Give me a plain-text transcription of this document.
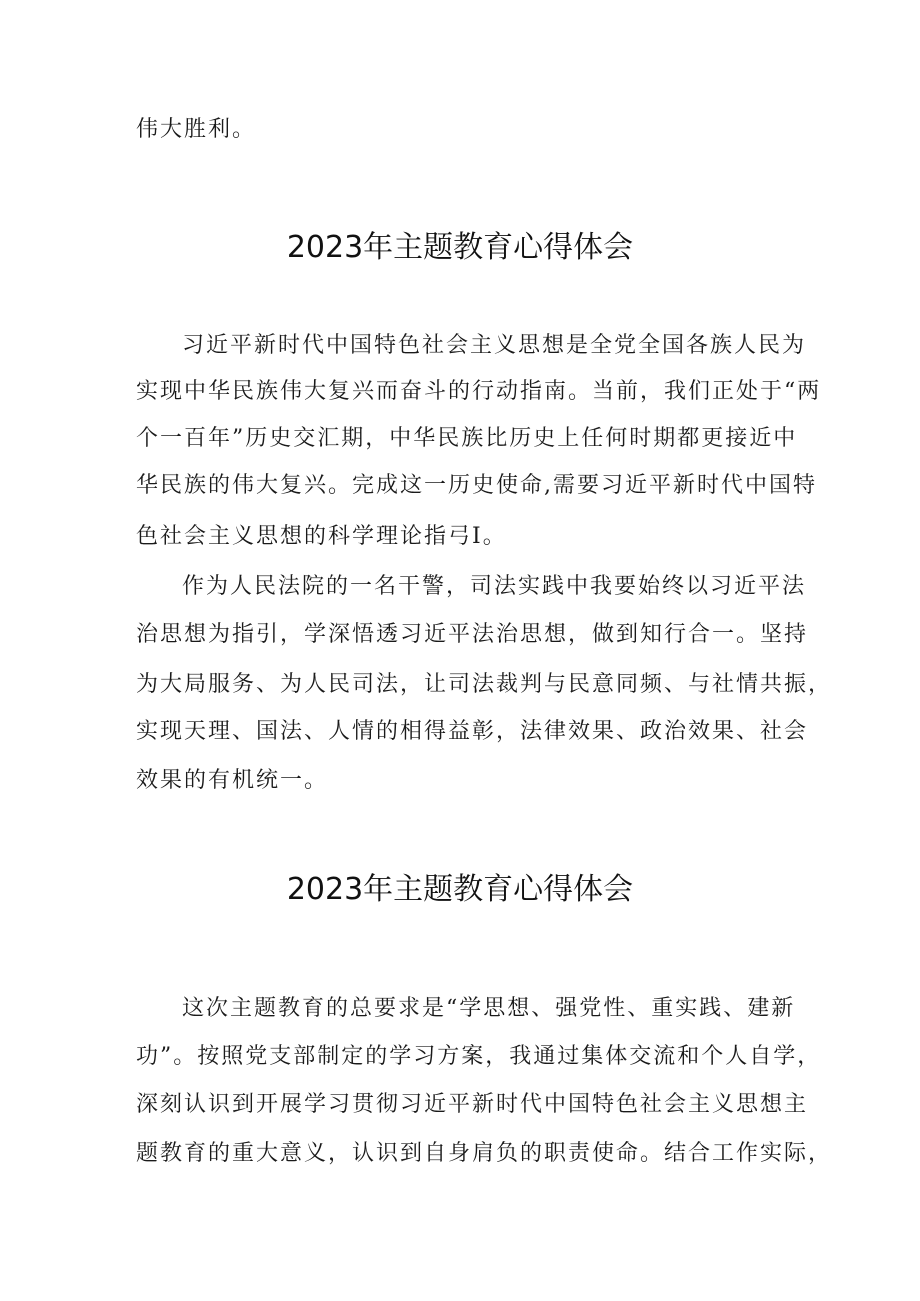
伟大胜利。
2023年主题教育心得体会
习近平新时代中国特色社会主义思想是全党全国各族人民为
实现中华民族伟大复兴而奋斗的行动指南。当前，我们正处于“两
个一百年”历史交汇期，中华民族比历史上任何时期都更接近中
华民族的伟大复兴。完成这一历史使命,需要习近平新时代中国特
色社会主义思想的科学理论指弓I。
作为人民法院的一名干警，司法实践中我要始终以习近平法
治思想为指引，学深悟透习近平法治思想，做到知行合一。坚持
为大局服务、为人民司法，让司法裁判与民意同频、与社情共振，
实现天理、国法、人情的相得益彰，法律效果、政治效果、社会
效果的有机统一。
2023年主题教育心得体会
这次主题教育的总要求是“学思想、强党性、重实践、建新
功”。按照党支部制定的学习方案，我通过集体交流和个人自学，
深刻认识到开展学习贯彻习近平新时代中国特色社会主义思想主
题教育的重大意义，认识到自身肩负的职责使命。结合工作实际，
